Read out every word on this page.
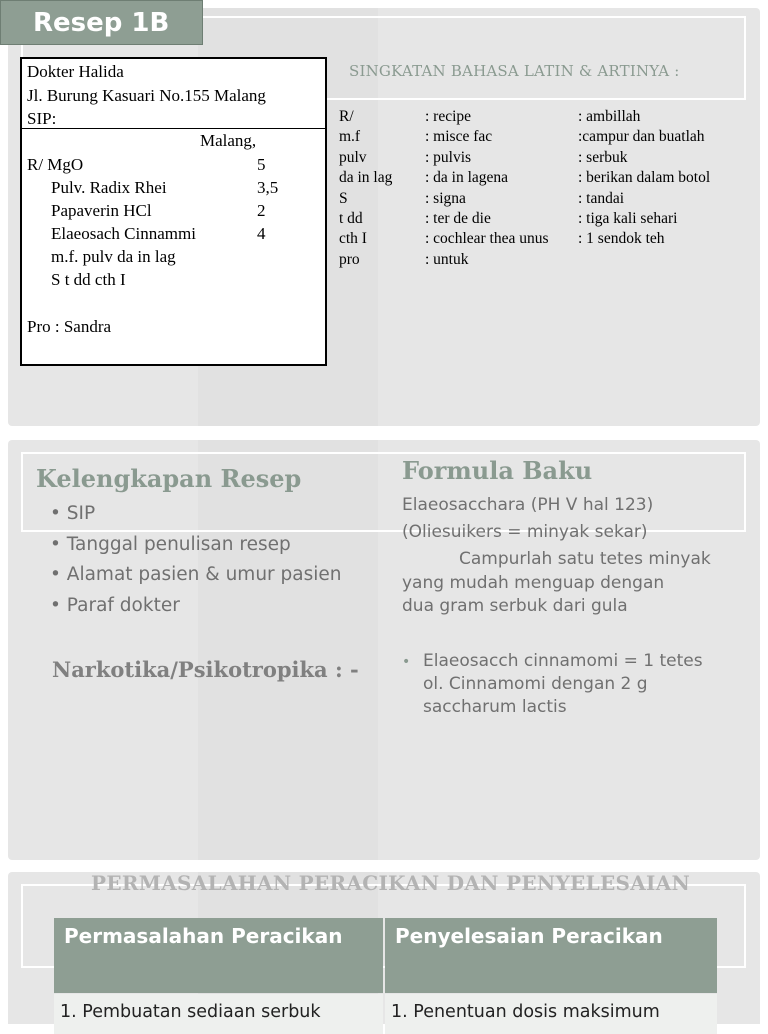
Resep 1B
Dokter Halida
Jl. Burung Kasuari No.155 Malang
SIP:
Malang,
R/ MgO	5
Pulv. Radix Rhei	3,5
Papaverin HCl	2
Elaeosach Cinnammi	4
m.f. pulv da in lag
S t dd cth I
Pro : Sandra
SINGKATAN BAHASA LATIN & ARTINYA :
R/	: recipe	: ambillah
m.f	: misce fac	:campur dan buatlah
pulv	: pulvis	: serbuk
da in lag : da in lagena	: berikan dalam botol
S	: signa	: tandai
t dd	: ter de die	: tiga kali sehari
cth I	: cochlear thea unus : 1 sendok teh
pro	: untuk
Kelengkapan Resep
• SIP
• Tanggal penulisan resep
• Alamat pasien & umur pasien
• Paraf dokter
Narkotika/Psikotropika : -
Formula Baku
Elaeosacchara (PH V hal 123)
(Oliesuikers = minyak sekar)
Campurlah satu tetes minyak
yang mudah menguap dengan
dua gram serbuk dari gula
• Elaeosacch cinnamomi = 1 tetes
ol. Cinnamomi dengan 2 g
saccharum lactis
PERMASALAHAN PERACIKAN DAN PENYELESAIAN
Permasalahan Peracikan	Penyelesaian Peracikan
1. Pembuatan sediaan serbuk	1. Penentuan dosis maksimum
